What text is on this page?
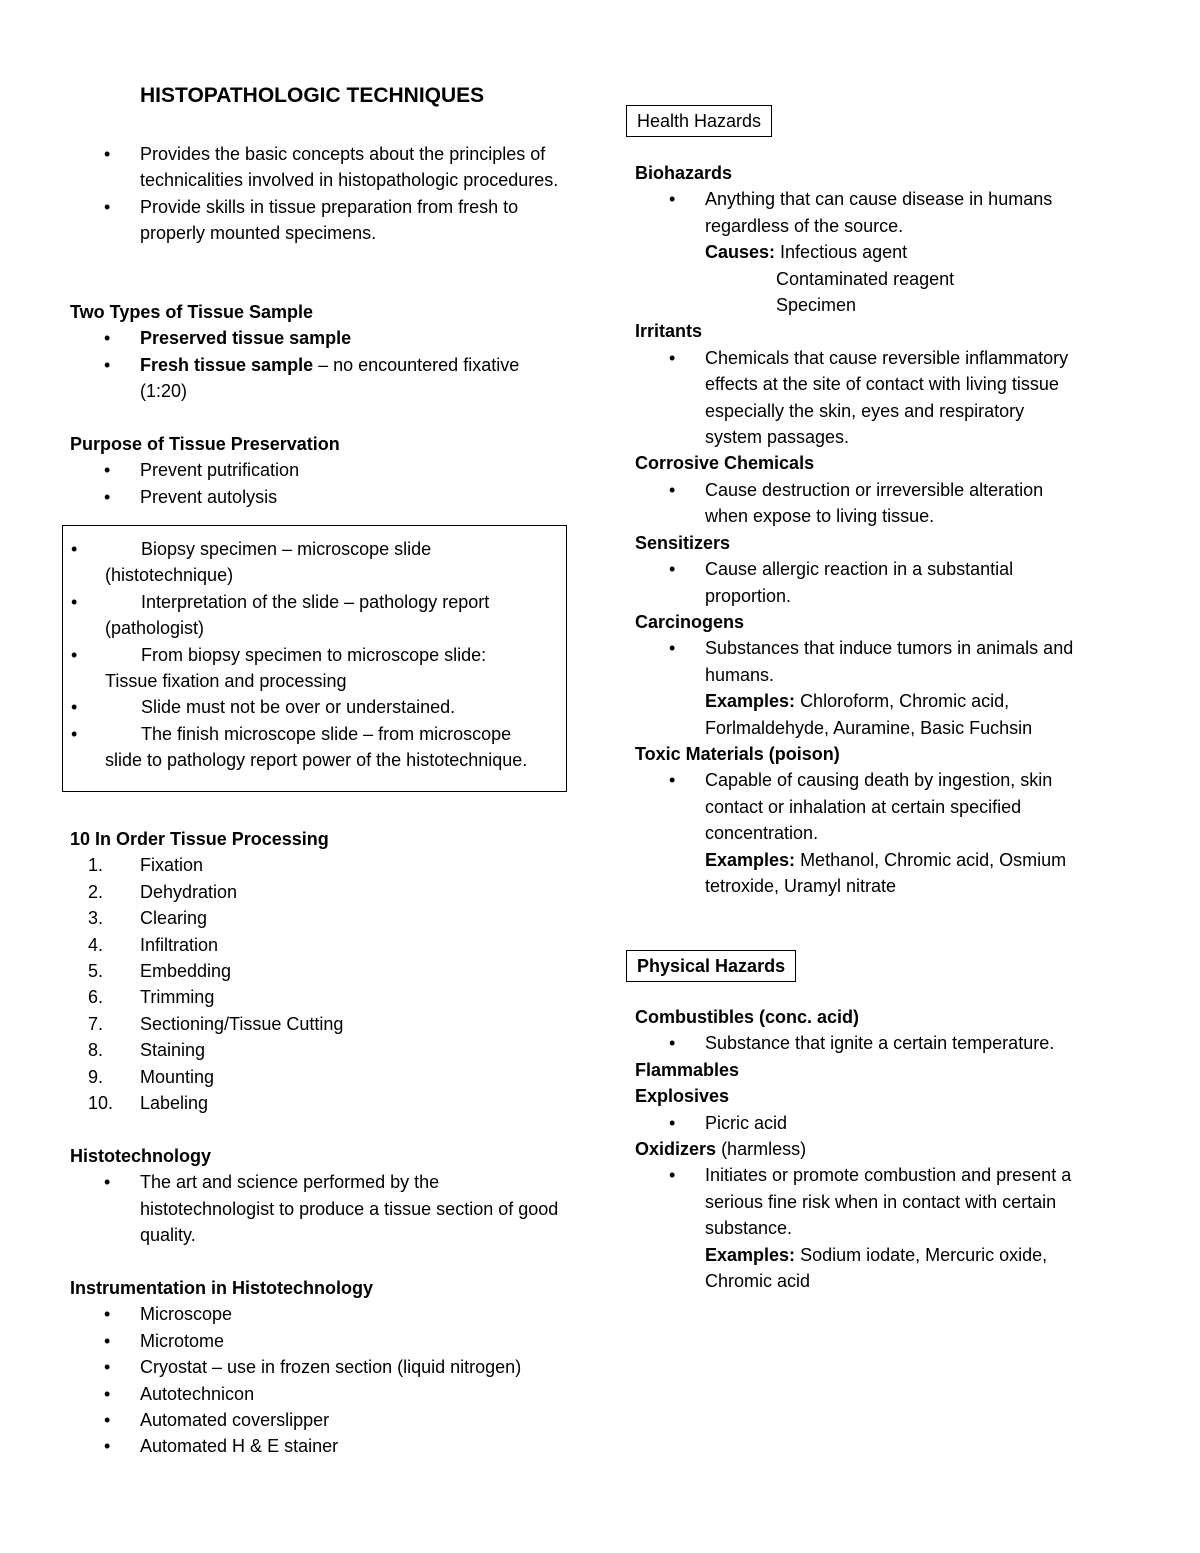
HISTOPATHOLOGIC TECHNIQUES
• Provides the basic concepts about the principles of technicalities involved in histopathologic procedures.
• Provide skills in tissue preparation from fresh to properly mounted specimens.
Two Types of Tissue Sample
• Preserved tissue sample
• Fresh tissue sample – no encountered fixative (1:20)
Purpose of Tissue Preservation
• Prevent putrification
• Prevent autolysis
•	Biopsy specimen – microscope slide
(histotechnique)
•	Interpretation of the slide – pathology report
(pathologist)
•	From biopsy specimen to microscope slide:
Tissue fixation and processing
•	Slide must not be over or understained.
•	The finish microscope slide – from microscope
slide to pathology report power of the histotechnique.
10 In Order Tissue Processing
1.	Fixation
2.	Dehydration
3.	Clearing
4.	Infiltration
5.	Embedding
6.	Trimming
7.	Sectioning/Tissue Cutting
8.	Staining
9.	Mounting
10.	Labeling
Histotechnology
• The art and science performed by the histotechnologist to produce a tissue section of good quality.
Instrumentation in Histotechnology
• Microscope
• Microtome
• Cryostat – use in frozen section (liquid nitrogen)
• Autotechnicon
• Automated coverslipper
• Automated H & E stainer
Health Hazards
Biohazards
• Anything that can cause disease in humans regardless of the source.
Causes: Infectious agent
Contaminated reagent
Specimen
Irritants
• Chemicals that cause reversible inflammatory effects at the site of contact with living tissue especially the skin, eyes and respiratory system passages.
Corrosive Chemicals
• Cause destruction or irreversible alteration when expose to living tissue.
Sensitizers
• Cause allergic reaction in a substantial proportion.
Carcinogens
• Substances that induce tumors in animals and humans.
Examples: Chloroform, Chromic acid, Forlmaldehyde, Auramine, Basic Fuchsin
Toxic Materials (poison)
• Capable of causing death by ingestion, skin contact or inhalation at certain specified concentration.
Examples: Methanol, Chromic acid, Osmium tetroxide, Uramyl nitrate
Physical Hazards
Combustibles (conc. acid)
• Substance that ignite a certain temperature.
Flammables
Explosives
• Picric acid
Oxidizers (harmless)
• Initiates or promote combustion and present a serious fine risk when in contact with certain substance.
Examples: Sodium iodate, Mercuric oxide, Chromic acid
